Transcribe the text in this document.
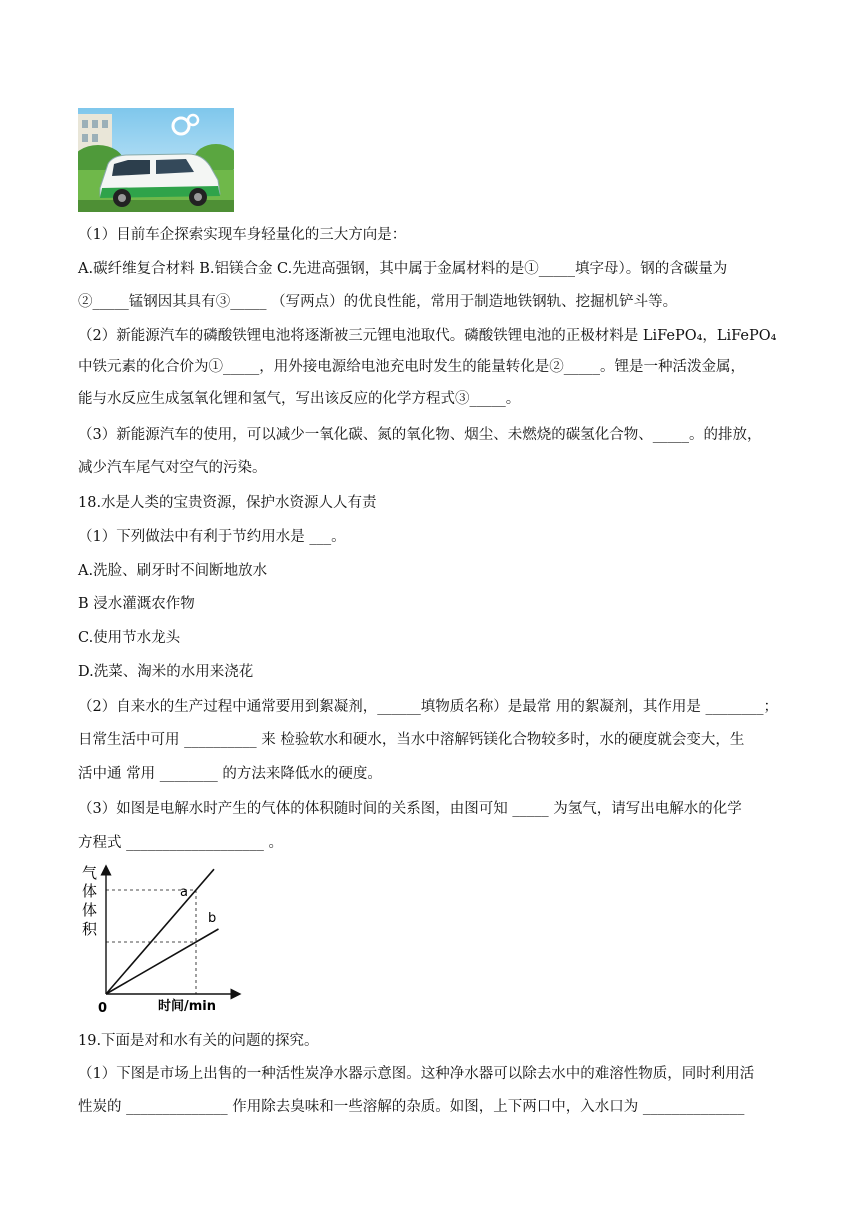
（1）目前车企探索实现车身轻量化的三大方向是：
A.碳纤维复合材料 B.铝镁合金 C.先进高强钢，其中属于金属材料的是①_____填字母）。钢的含碳量为
②_____锰钢因其具有③_____ （写两点）的优良性能，常用于制造地铁钢轨、挖掘机铲斗等。
（2）新能源汽车的磷酸铁锂电池将逐渐被三元锂电池取代。磷酸铁锂电池的正极材料是 LiFePO₄，LiFePO₄
中铁元素的化合价为①_____，用外接电源给电池充电时发生的能量转化是②_____。锂是一种活泼金属，
能与水反应生成氢氧化锂和氢气，写出该反应的化学方程式③_____。
（3）新能源汽车的使用，可以减少一氧化碳、氮的氧化物、烟尘、未燃烧的碳氢化合物、_____。的排放，
减少汽车尾气对空气的污染。
18.水是人类的宝贵资源，保护水资源人人有责
（1）下列做法中有利于节约用水是 ___。
A.洗脸、刷牙时不间断地放水
B 浸水灌溉农作物
C.使用节水龙头
D.洗菜、淘米的水用来浇花
（2）自来水的生产过程中通常要用到絮凝剂，______填物质名称）是最常 用的絮凝剂，其作用是 ________；
日常生活中可用 __________ 来 检验软水和硬水，当水中溶解钙镁化合物较多时，水的硬度就会变大，生
活中通 常用 ________ 的方法来降低水的硬度。
（3）如图是电解水时产生的气体的体积随时间的关系图，由图可知 _____ 为氢气，请写出电解水的化学
方程式 ___________________ 。
气
体
体
积
0	时间/min
a
b
19.下面是对和水有关的问题的探究。
（1）下图是市场上出售的一种活性炭净水器示意图。这种净水器可以除去水中的难溶性物质，同时利用活
性炭的 ______________ 作用除去臭味和一些溶解的杂质。如图，上下两口中，入水口为 ______________
